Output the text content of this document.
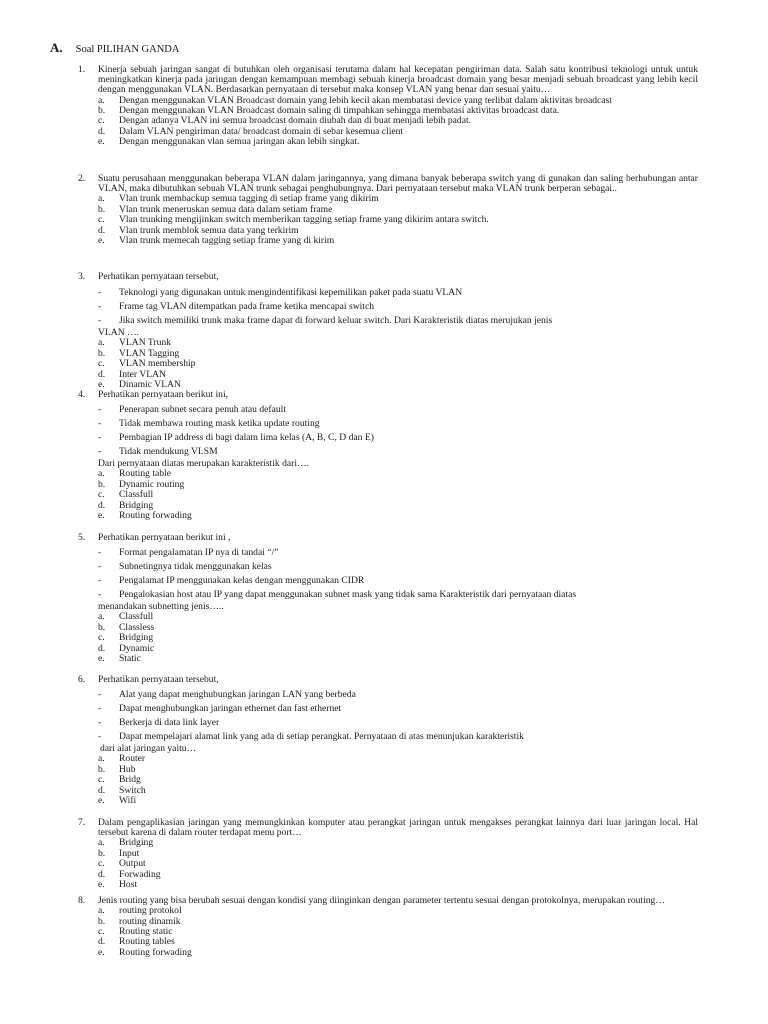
A. Soal PILIHAN GANDA
1.	Kinerja sebuah jaringan sangat di butuhkan oleh organisasi terutama dalam hal kecepatan pengiriman data. Salah satu kontribusi teknologi untuk untuk meningkatkan kinerja pada jaringan dengan kemampuan membagi sebuah kinerja broadcast domain yang besar menjadi sebuah broadcast yang lebih kecil dengan menggunakan VLAN. Berdasarkan pernyataan di tersebut maka konsep VLAN yang benar dan sesuai yaitu…
a.	Dengan menggunakan VLAN Broadcast domain yang lebih kecil akan membatasi device yang terlibat dalam aktivitas broadcast
b.	Dengan menggunakan VLAN Broadcast domain saling di timpahkan sehingga membatasi aktivitas broadcast data.
c.	Dengan adanya VLAN ini semua broadcast domain diubah dan di buat menjadi lebih padat.
d.	Dalam VLAN pengiriman data/ broadcast domain di sebar kesemua client
e.	Dengan menggunakan vlan semua jaringan akan lebih singkat.
2.	Suatu perusahaan menggunakan beberapa VLAN dalam jaringannya, yang dimana banyak beberapa switch yang di gunakan dan saling berhubungan antar VLAN, maka dibutuhkan sebuah VLAN trunk sebagai penghubungnya. Dari pernyataan tersebut maka VLAN trunk berperan sebagai..
a.	Vlan trunk membackup semua tagging di setiap frame yang dikirim
b.	Vlan trunk meneruskan semua data dalam setiam frame
c.	Vlan trunking mengijinkan switch memberikan tagging setiap frame yang dikirim antara switch.
d.	Vlan trunk memblok semua data yang terkirim
e.	Vlan trunk memecah tagging setiap frame yang di kirim
3.	Perhatikan pernyataan tersebut,
-	Teknologi yang digunakan untuk mengindentifikasi kepemilikan paket pada suatu VLAN
-	Frame tag VLAN ditempatkan pada frame ketika mencapai switch
-	Jika switch memiliki trunk maka frame dapat di forward keluar switch. Dari Karakteristik diatas merujukan jenis
VLAN ….
a.	VLAN Trunk
b.	VLAN Tagging
c.	VLAN membership
d.	Inter VLAN
e.	Dinamic VLAN
4.	Perhatikan pernyataan berikut ini,
-	Penerapan subnet secara penuh atau default
-	Tidak membawa routing mask ketika update routing
-	Pembagian IP address di bagi dalam lima kelas (A, B, C, D dan E)
-	Tidak mendukung VLSM
Dari pernyataan diatas merupakan karakteristik dari….
a.	Routing table
b.	Dynamic routing
c.	Classfull
d.	Bridging
e.	Routing forwading
5.	Perhatikan pernyataan berikut ini ,
-	Format pengalamatan IP nya di tandai “/”
-	Subnetingnya tidak menggunakan kelas
-	Pengalamat IP menggunakan kelas dengan menggunakan CIDR
-	Pengalokasian host atau IP yang dapat menggunakan subnet mask yang tidak sama Karakteristik dari pernyataan diatas
menandakan subnetting jenis…..
a.	Classfull
b.	Classless
c.	Bridging
d.	Dynamic
e.	Static
6.	Perhatikan pernyataan tersebut,
-	Alat yang dapat menghubungkan jaringan LAN yang berbeda
-	Dapat menghubungkan jaringan ethernet dan fast ethernet
-	Berkerja di data link layer
-	Dapat mempelajari alamat link yang ada di setiap perangkat. Pernyataan di atas menunjukan karakteristik
dari alat jaringan yaitu…
a.	Router
b.	Hub
c.	Bridg
d.	Switch
e.	Wifi
7.	Dalam pengaplikasian jaringan yang memungkinkan komputer atau perangkat jaringan untuk mengakses perangkat lainnya dari luar jaringan local. Hal tersebut karena di dalam router terdapat menu port…
a.	Bridging
b.	Input
c.	Output
d.	Forwading
e.	Host
8.	Jenis routing yang bisa berubah sesuai dengan kondisi yang diinginkan dengan parameter tertentu sesuai dengan protokolnya, merupakan routing…
a.	routing protokol
b.	routing dinamik
c.	Routing static
d.	Routing tables
e.	Routing forwading
